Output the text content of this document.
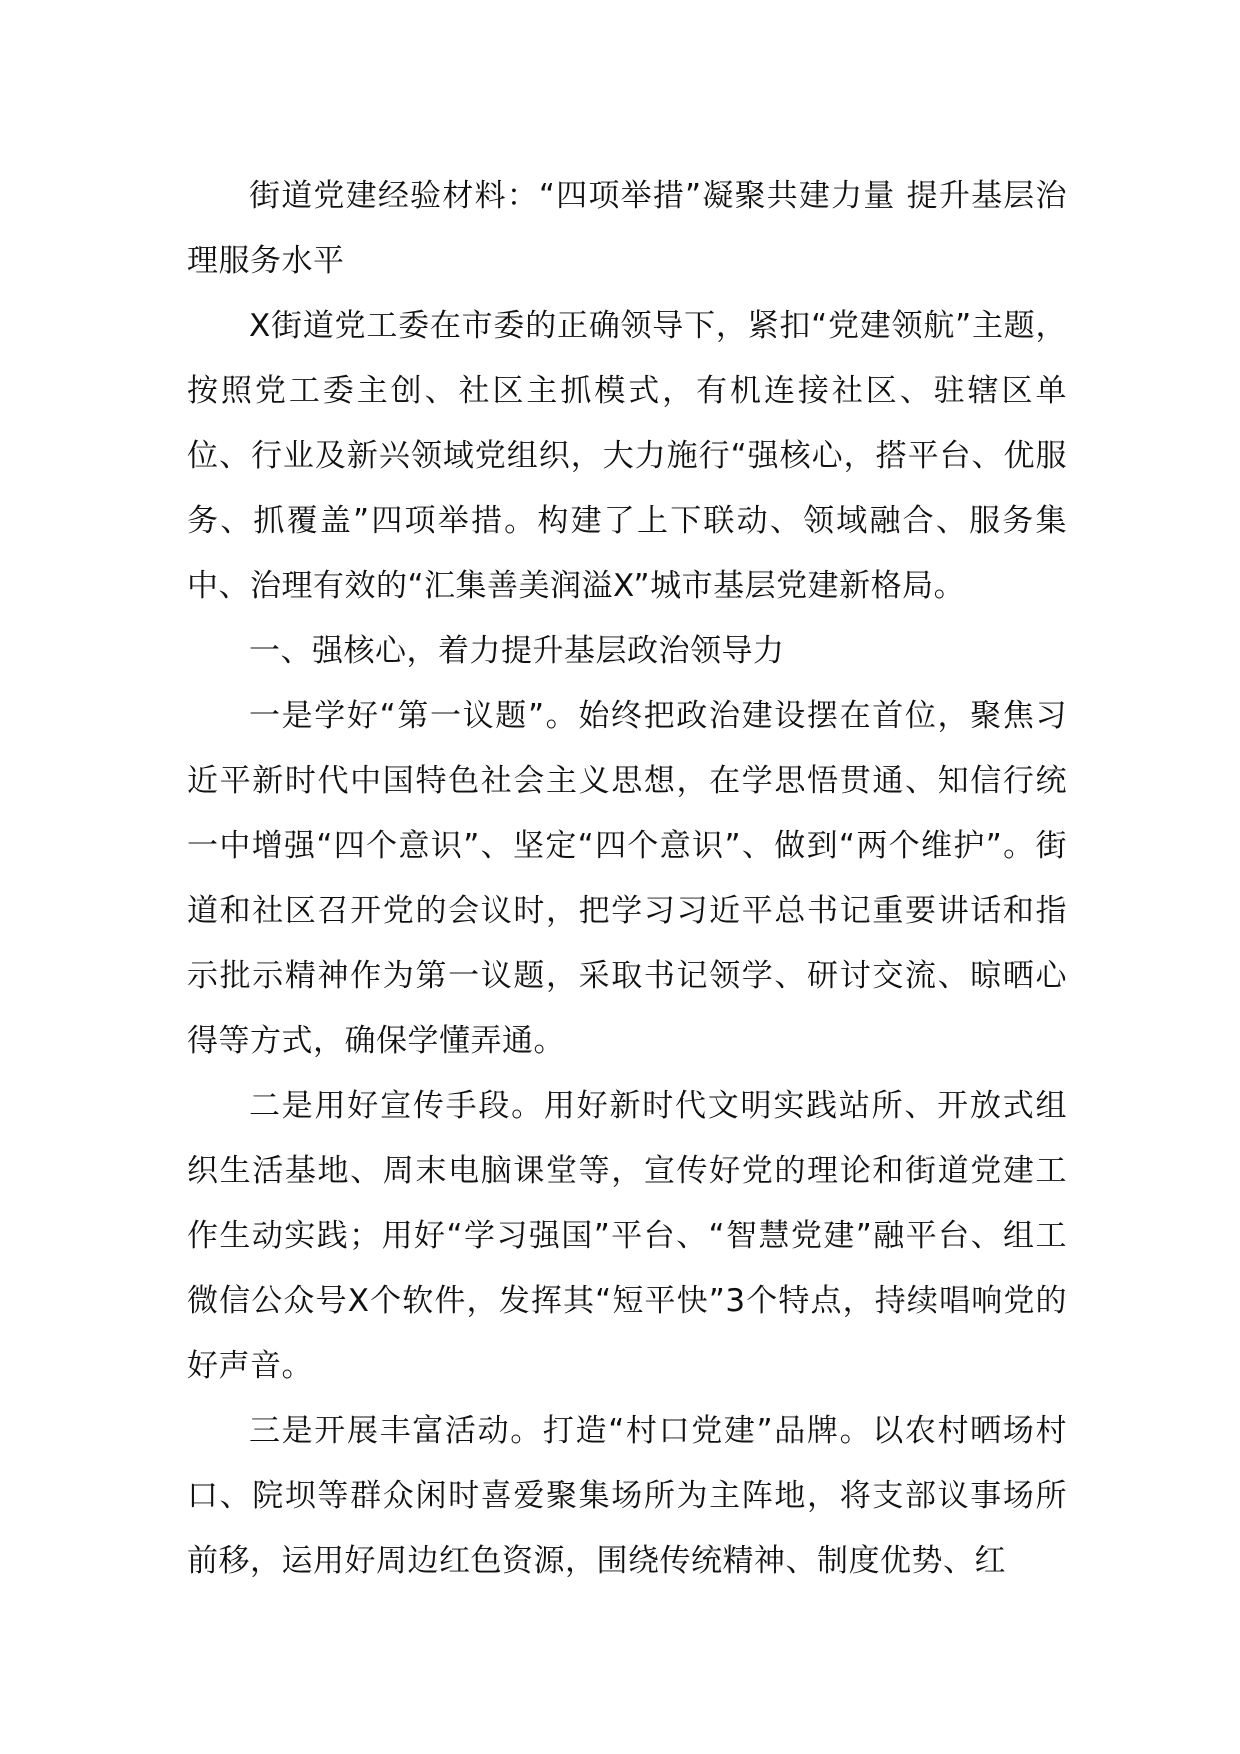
街道党建经验材料：“四项举措”凝聚共建力量 提升基层治理服务水平

X街道党工委在市委的正确领导下，紧扣“党建领航”主题，按照党工委主创、社区主抓模式，有机连接社区、驻辖区单位、行业及新兴领域党组织，大力施行“强核心，搭平台、优服务、抓覆盖”四项举措。构建了上下联动、领域融合、服务集中、治理有效的“汇集善美润溢X”城市基层党建新格局。

一、强核心，着力提升基层政治领导力

一是学好“第一议题”。始终把政治建设摆在首位，聚焦习近平新时代中国特色社会主义思想，在学思悟贯通、知信行统一中增强“四个意识”、坚定“四个意识”、做到“两个维护”。街道和社区召开党的会议时，把学习习近平总书记重要讲话和指示批示精神作为第一议题，采取书记领学、研讨交流、晾晒心得等方式，确保学懂弄通。

二是用好宣传手段。用好新时代文明实践站所、开放式组织生活基地、周末电脑课堂等，宣传好党的理论和街道党建工作生动实践；用好“学习强国”平台、“智慧党建”融平台、组工微信公众号X个软件，发挥其“短平快”3个特点，持续唱响党的好声音。

三是开展丰富活动。打造“村口党建”品牌。以农村晒场村口、院坝等群众闲时喜爱聚集场所为主阵地，将支部议事场所前移，运用好周边红色资源，围绕传统精神、制度优势、红
